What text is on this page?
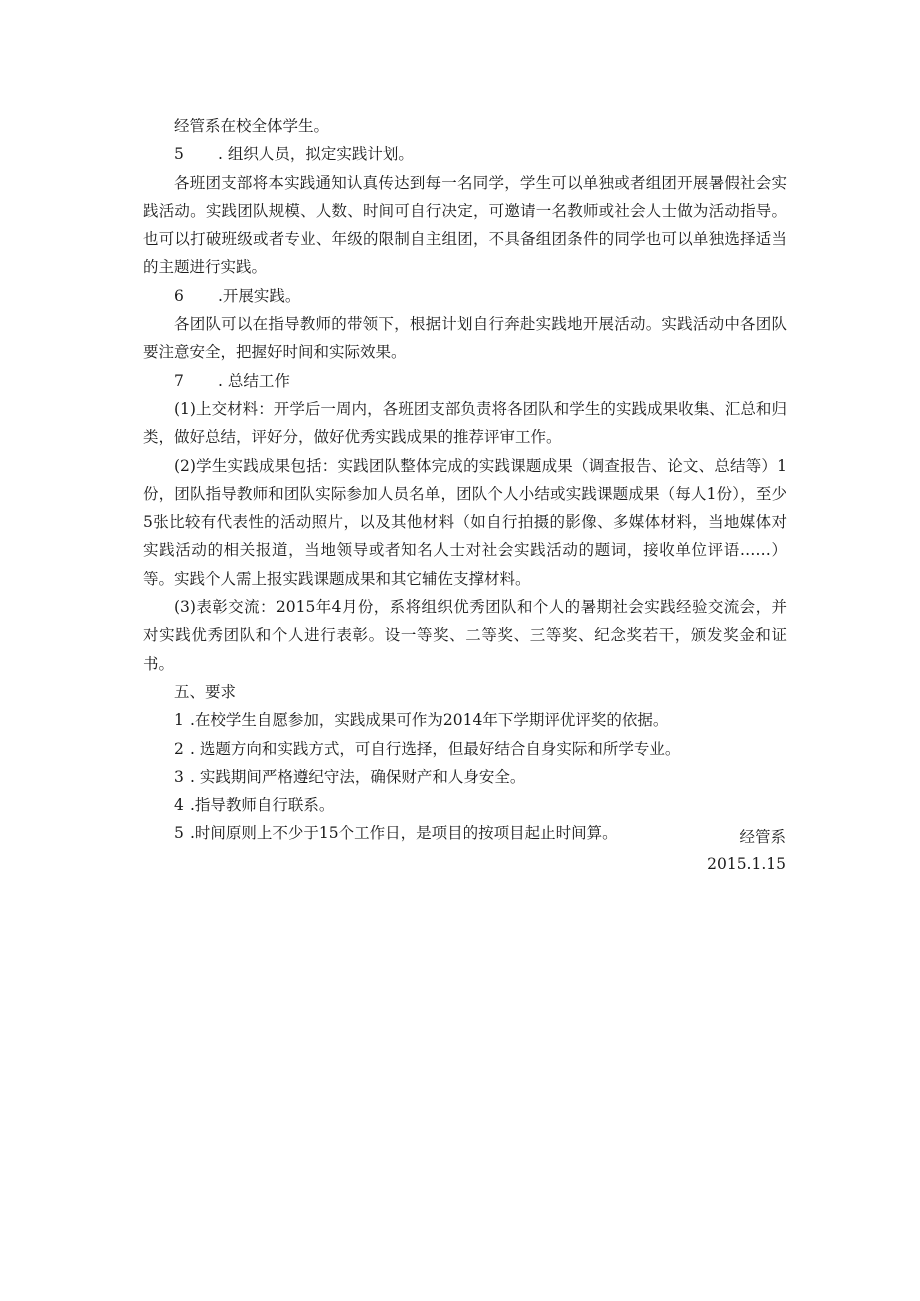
经管系在校全体学生。

5 . 组织人员，拟定实践计划。

各班团支部将本实践通知认真传达到每一名同学，学生可以单独或者组团开展暑假社会实践活动。实践团队规模、人数、时间可自行决定，可邀请一名教师或社会人士做为活动指导。也可以打破班级或者专业、年级的限制自主组团，不具备组团条件的同学也可以单独选择适当的主题进行实践。

6 .开展实践。

各团队可以在指导教师的带领下，根据计划自行奔赴实践地开展活动。实践活动中各团队要注意安全，把握好时间和实际效果。

7 . 总结工作

(1)上交材料：开学后一周内，各班团支部负责将各团队和学生的实践成果收集、汇总和归类，做好总结，评好分，做好优秀实践成果的推荐评审工作。

(2)学生实践成果包括：实践团队整体完成的实践课题成果（调查报告、论文、总结等）1份，团队指导教师和团队实际参加人员名单，团队个人小结或实践课题成果（每人1份），至少5张比较有代表性的活动照片，以及其他材料（如自行拍摄的影像、多媒体材料，当地媒体对实践活动的相关报道，当地领导或者知名人士对社会实践活动的题词，接收单位评语……）等。实践个人需上报实践课题成果和其它辅佐支撑材料。

(3)表彰交流：2015年4月份，系将组织优秀团队和个人的暑期社会实践经验交流会，并对实践优秀团队和个人进行表彰。设一等奖、二等奖、三等奖、纪念奖若干，颁发奖金和证书。

五、要求

1 .在校学生自愿参加，实践成果可作为2014年下学期评优评奖的依据。

2 . 选题方向和实践方式，可自行选择，但最好结合自身实际和所学专业。

3 . 实践期间严格遵纪守法，确保财产和人身安全。

4 .指导教师自行联系。

5 .时间原则上不少于15个工作日，是项目的按项目起止时间算。	经管系
2015.1.15
